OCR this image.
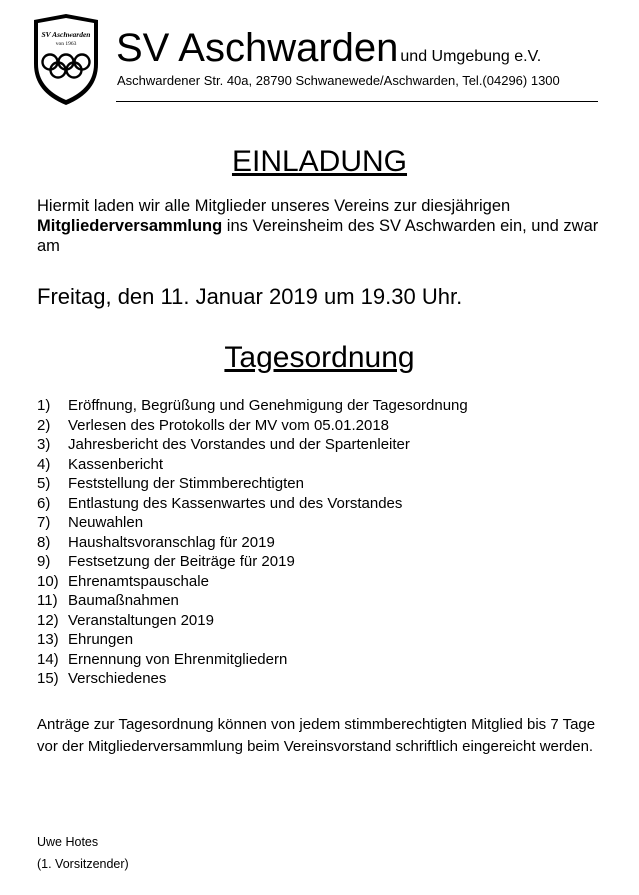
SV Aschwarden
von 1963 SV Aschwarden und Umgebung e.V.
Aschwardener Str. 40a, 28790 Schwanewede/Aschwarden, Tel.(04296) 1300
EINLADUNG
Hiermit laden wir alle Mitglieder unseres Vereins zur diesjährigen Mitgliederversammlung ins Vereinsheim des SV Aschwarden ein, und zwar am
Freitag, den 11. Januar 2019 um 19.30 Uhr.
Tagesordnung
1)	Eröffnung, Begrüßung und Genehmigung der Tagesordnung
2)	Verlesen des Protokolls der MV vom 05.01.2018
3)	Jahresbericht des Vorstandes und der Spartenleiter
4)	Kassenbericht
5)	Feststellung der Stimmberechtigten
6)	Entlastung des Kassenwartes und des Vorstandes
7)	Neuwahlen
8)	Haushaltsvoranschlag für 2019
9)	Festsetzung der Beiträge für 2019
10) Ehrenamtspauschale
11) Baumaßnahmen
12) Veranstaltungen 2019
13) Ehrungen
14) Ernennung von Ehrenmitgliedern
15) Verschiedenes
Anträge zur Tagesordnung können von jedem stimmberechtigten Mitglied bis 7 Tage vor der Mitgliederversammlung beim Vereinsvorstand schriftlich eingereicht werden.
Uwe Hotes
(1. Vorsitzender)
